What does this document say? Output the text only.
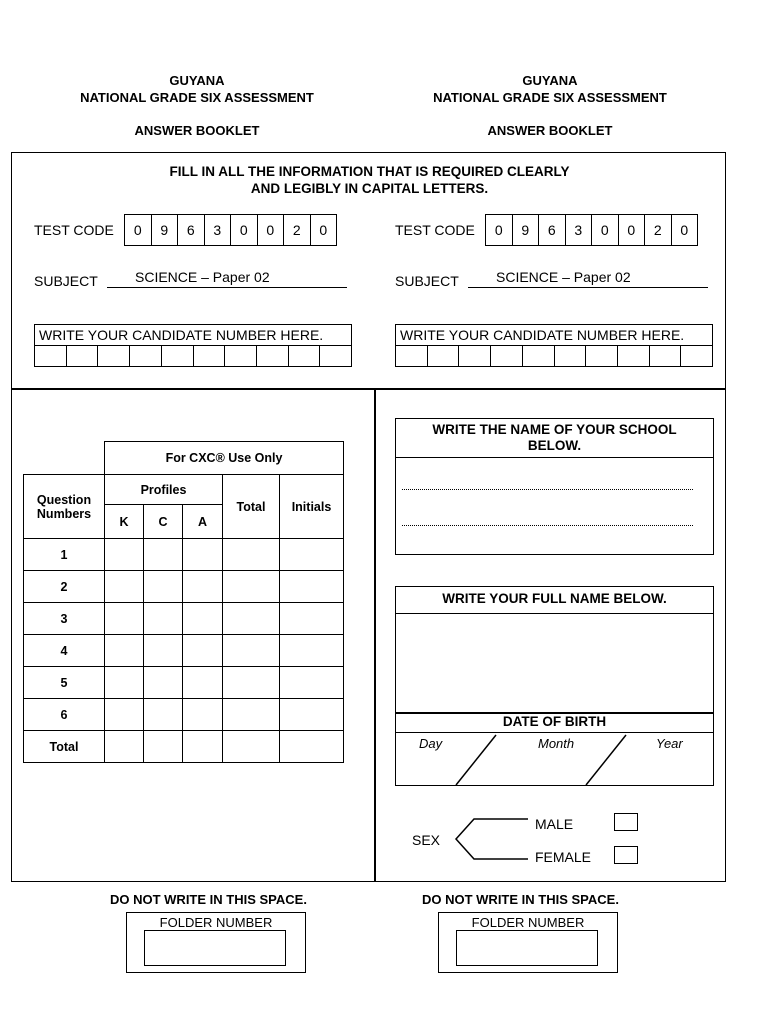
GUYANA
NATIONAL GRADE SIX ASSESSMENT
ANSWER BOOKLET
GUYANA
NATIONAL GRADE SIX ASSESSMENT
ANSWER BOOKLET
FILL IN ALL THE INFORMATION THAT IS REQUIRED CLEARLY
AND LEGIBLY IN CAPITAL LETTERS.
TEST CODE	0	9	6	3	0	0	2	0
SUBJECT	SCIENCE – Paper 02
WRITE YOUR CANDIDATE NUMBER HERE.
TEST CODE	0	9	6	3	0	0	2	0
SUBJECT	SCIENCE – Paper 02
WRITE YOUR CANDIDATE NUMBER HERE.
	For CXC® Use Only				
Question Numbers	Profiles			Total	Initials
	K	C	A		
1					
2					
3					
4					
5					
6					
Total					
WRITE THE NAME OF YOUR SCHOOL BELOW.
WRITE YOUR FULL NAME BELOW.
DATE OF BIRTH
Day	Month	Year
SEX
MALE
FEMALE
DO NOT WRITE IN THIS SPACE.
FOLDER NUMBER
DO NOT WRITE IN THIS SPACE.
FOLDER NUMBER
